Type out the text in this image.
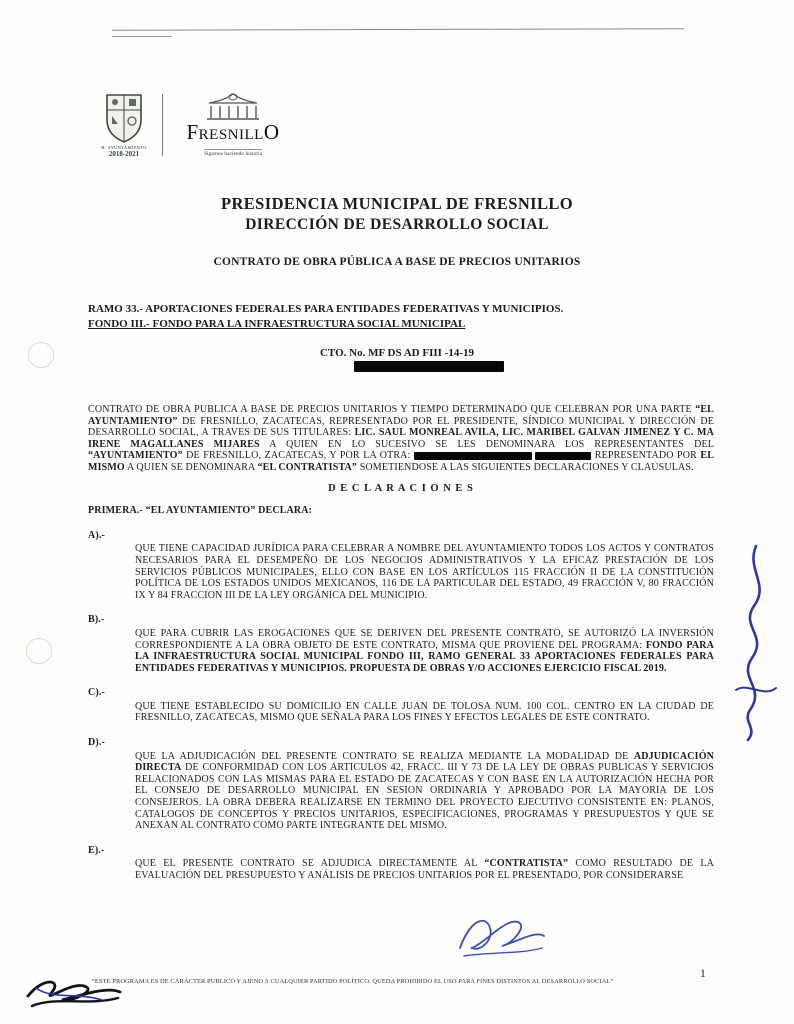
H. AYUNTAMIENTO
2018-2021
FresnillO
Sigamos haciendo historia
PRESIDENCIA MUNICIPAL DE FRESNILLO
DIRECCIÓN DE DESARROLLO SOCIAL
CONTRATO DE OBRA PÚBLICA A BASE DE PRECIOS UNITARIOS
RAMO 33.- APORTACIONES FEDERALES PARA ENTIDADES FEDERATIVAS Y MUNICIPIOS.
FONDO III.- FONDO PARA LA INFRAESTRUCTURA SOCIAL MUNICIPAL
CTO. No. MF DS AD FIII -14-19

CONTRATO DE OBRA PUBLICA A BASE DE PRECIOS UNITARIOS Y TIEMPO DETERMINADO QUE CELEBRAN POR UNA PARTE “EL AYUNTAMIENTO” DE FRESNILLO, ZACATECAS, REPRESENTADO POR EL PRESIDENTE, SÍNDICO MUNICIPAL Y DIRECCIÓN DE DESARROLLO SOCIAL, A TRAVES DE SUS TITULARES: LIC. SAUL MONREAL AVILA, LIC. MARIBEL GALVAN JIMENEZ Y C. MA IRENE MAGALLANES MIJARES A QUIEN EN LO SUCESIVO SE LES DENOMINARA LOS REPRESENTANTES DEL “AYUNTAMIENTO” DE FRESNILLO, ZACATECAS, Y POR LA OTRA:	REPRESENTADO POR EL MISMO A QUIEN SE DENOMINARA “EL CONTRATISTA” SOMETIENDOSE A LAS SIGUIENTES DECLARACIONES Y CLAUSULAS.

D E C L A R A C I O N E S
PRIMERA.- “EL AYUNTAMIENTO” DECLARA:
A).-
QUE TIENE CAPACIDAD JURÍDICA PARA CELEBRAR A NOMBRE DEL AYUNTAMIENTO TODOS LOS ACTOS Y CONTRATOS NECESARIOS PARA EL DESEMPEÑO DE LOS NEGOCIOS ADMINISTRATIVOS Y LA EFICAZ PRESTACIÓN DE LOS SERVICIOS PÚBLICOS MUNICIPALES, ELLO CON BASE EN LOS ARTÍCULOS 115 FRACCIÓN II DE LA CONSTITUCIÓN POLÍTICA DE LOS ESTADOS UNIDOS MEXICANOS, 116 DE LA PARTICULAR DEL ESTADO, 49 FRACCIÓN V, 80 FRACCIÓN IX Y 84 FRACCION III DE LA LEY ORGÁNICA DEL MUNICIPIO.
B).-
QUE PARA CUBRIR LAS EROGACIONES QUE SE DERIVEN DEL PRESENTE CONTRATO, SE AUTORIZÓ LA INVERSIÓN CORRESPONDIENTE A LA OBRA OBJETO DE ESTE CONTRATO, MISMA QUE PROVIENE DEL PROGRAMA: FONDO PARA LA INFRAESTRUCTURA SOCIAL MUNICIPAL FONDO III, RAMO GENERAL 33 APORTACIONES FEDERALES PARA ENTIDADES FEDERATIVAS Y MUNICIPIOS. PROPUESTA DE OBRAS Y/O ACCIONES EJERCICIO FISCAL 2019.
C).-
QUE TIENE ESTABLECIDO SU DOMICILIO EN CALLE JUAN DE TOLOSA NUM. 100 COL. CENTRO EN LA CIUDAD DE FRESNILLO, ZACATECAS, MISMO QUE SEÑALA PARA LOS FINES Y EFECTOS LEGALES DE ESTE CONTRATO.
D).-
QUE LA ADJUDICACIÓN DEL PRESENTE CONTRATO SE REALIZA MEDIANTE LA MODALIDAD DE ADJUDICACIÓN DIRECTA DE CONFORMIDAD CON LOS ARTICULOS 42, FRACC. III Y 73 DE LA LEY DE OBRAS PUBLICAS Y SERVICIOS RELACIONADOS CON LAS MISMAS PARA EL ESTADO DE ZACATECAS Y CON BASE EN LA AUTORIZACIÓN HECHA POR EL CONSEJO DE DESARROLLO MUNICIPAL EN SESION ORDINARIA Y APROBADO POR LA MAYORIA DE LOS CONSEJEROS. LA OBRA DEBERA REALIZARSE EN TERMINO DEL PROYECTO EJECUTIVO CONSISTENTE EN: PLANOS, CATALOGOS DE CONCEPTOS Y PRECIOS UNITARIOS, ESPECIFICACIONES, PROGRAMAS Y PRESUPUESTOS Y QUE SE ANEXAN AL CONTRATO COMO PARTE INTEGRANTE DEL MISMO.
E).-
QUE EL PRESENTE CONTRATO SE ADJUDICA DIRECTAMENTE AL “CONTRATISTA” COMO RESULTADO DE LA EVALUACIÓN DEL PRESUPUESTO Y ANÁLISIS DE PRECIOS UNITARIOS POR EL PRESENTADO, POR CONSIDERARSE
“ESTE PROGRAMA ES DE CARÁCTER PUBLICO Y AJENO A CUALQUIER PARTIDO POLÍTICO. QUEDA PROHIBIDO EL USO PARA FINES DISTINTOS AL DESARROLLO SOCIAL”
1
